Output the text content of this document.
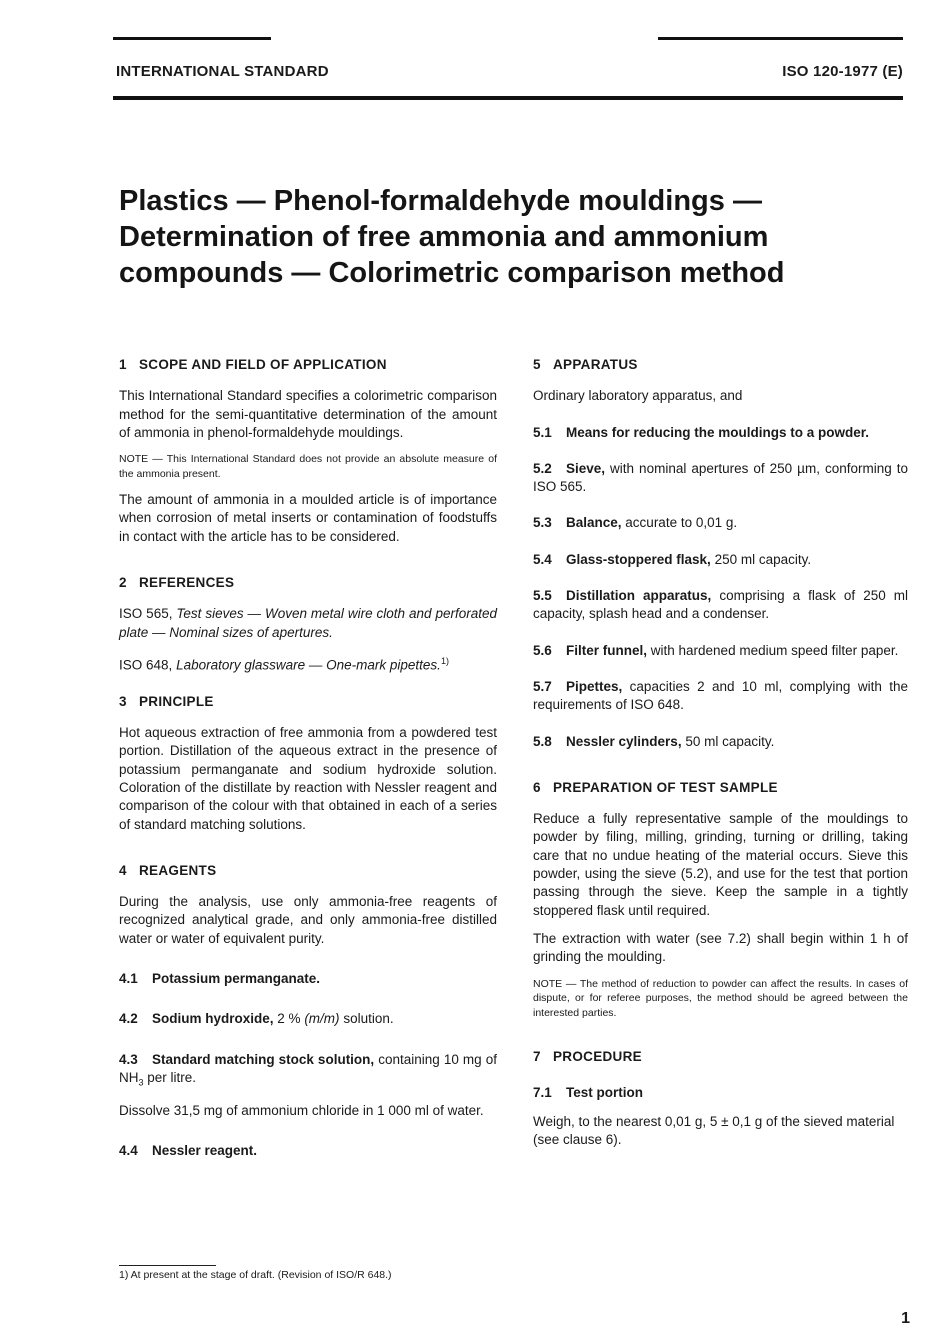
INTERNATIONAL STANDARD	ISO 120-1977 (E)
Plastics — Phenol-formaldehyde mouldings — Determination of free ammonia and ammonium compounds — Colorimetric comparison method
1 SCOPE AND FIELD OF APPLICATION

This International Standard specifies a colorimetric comparison method for the semi-quantitative determination of the amount of ammonia in phenol-formaldehyde mouldings.

NOTE — This International Standard does not provide an absolute measure of the ammonia present.

The amount of ammonia in a moulded article is of importance when corrosion of metal inserts or contamination of foodstuffs in contact with the article has to be considered.

2 REFERENCES

ISO 565, Test sieves — Woven metal wire cloth and perforated plate — Nominal sizes of apertures.

ISO 648, Laboratory glassware — One-mark pipettes.$^{1)}$

3 PRINCIPLE

Hot aqueous extraction of free ammonia from a powdered test portion. Distillation of the aqueous extract in the presence of potassium permanganate and sodium hydroxide solution. Coloration of the distillate by reaction with Nessler reagent and comparison of the colour with that obtained in each of a series of standard matching solutions.

4 REAGENTS

During the analysis, use only ammonia-free reagents of recognized analytical grade, and only ammonia-free distilled water or water of equivalent purity.

4.1 Potassium permanganate.

4.2 Sodium hydroxide, 2 % (m/m) solution.

4.3 Standard matching stock solution, containing 10 mg of $NH_3$ per litre.

Dissolve 31,5 mg of ammonium chloride in 1 000 ml of water.

4.4 Nessler reagent.

5 APPARATUS

Ordinary laboratory apparatus, and

5.1 Means for reducing the mouldings to a powder.

5.2 Sieve, with nominal apertures of 250 µm, conforming to ISO 565.

5.3 Balance, accurate to 0,01 g.

5.4 Glass-stoppered flask, 250 ml capacity.

5.5 Distillation apparatus, comprising a flask of 250 ml capacity, splash head and a condenser.

5.6 Filter funnel, with hardened medium speed filter paper.

5.7 Pipettes, capacities 2 and 10 ml, complying with the requirements of ISO 648.

5.8 Nessler cylinders, 50 ml capacity.

6 PREPARATION OF TEST SAMPLE

Reduce a fully representative sample of the mouldings to powder by filing, milling, grinding, turning or drilling, taking care that no undue heating of the material occurs. Sieve this powder, using the sieve (5.2), and use for the test that portion passing through the sieve. Keep the sample in a tightly stoppered flask until required.

The extraction with water (see 7.2) shall begin within 1 h of grinding the moulding.

NOTE — The method of reduction to powder can affect the results. In cases of dispute, or for referee purposes, the method should be agreed between the interested parties.

7 PROCEDURE

7.1 Test portion

Weigh, to the nearest 0,01 g, 5 ± 0,1 g of the sieved material (see clause 6).

1) At present at the stage of draft. (Revision of ISO/R 648.)
1
